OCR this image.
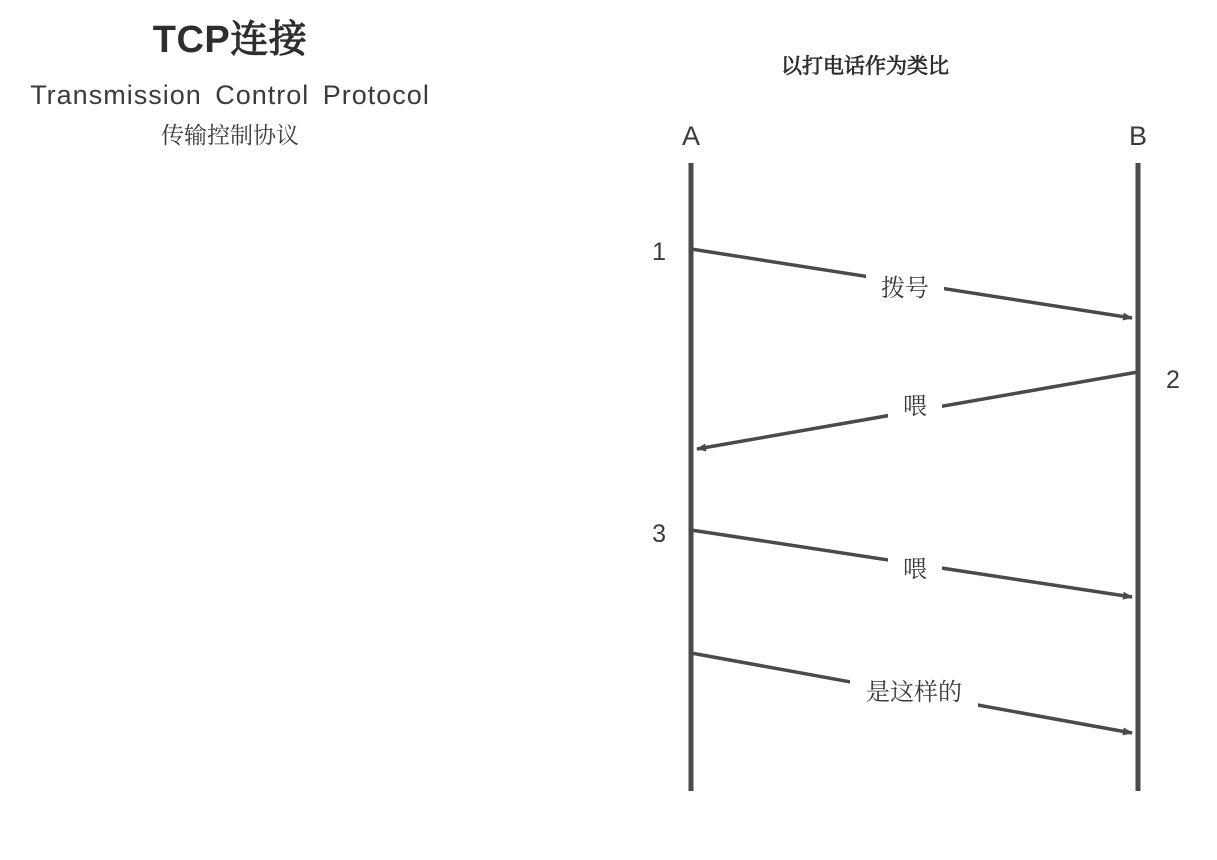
TCP连接
Transmission Control Protocol
传输控制协议
以打电话作为类比
A	B
1
2
3
拨号
喂
喂
是这样的
